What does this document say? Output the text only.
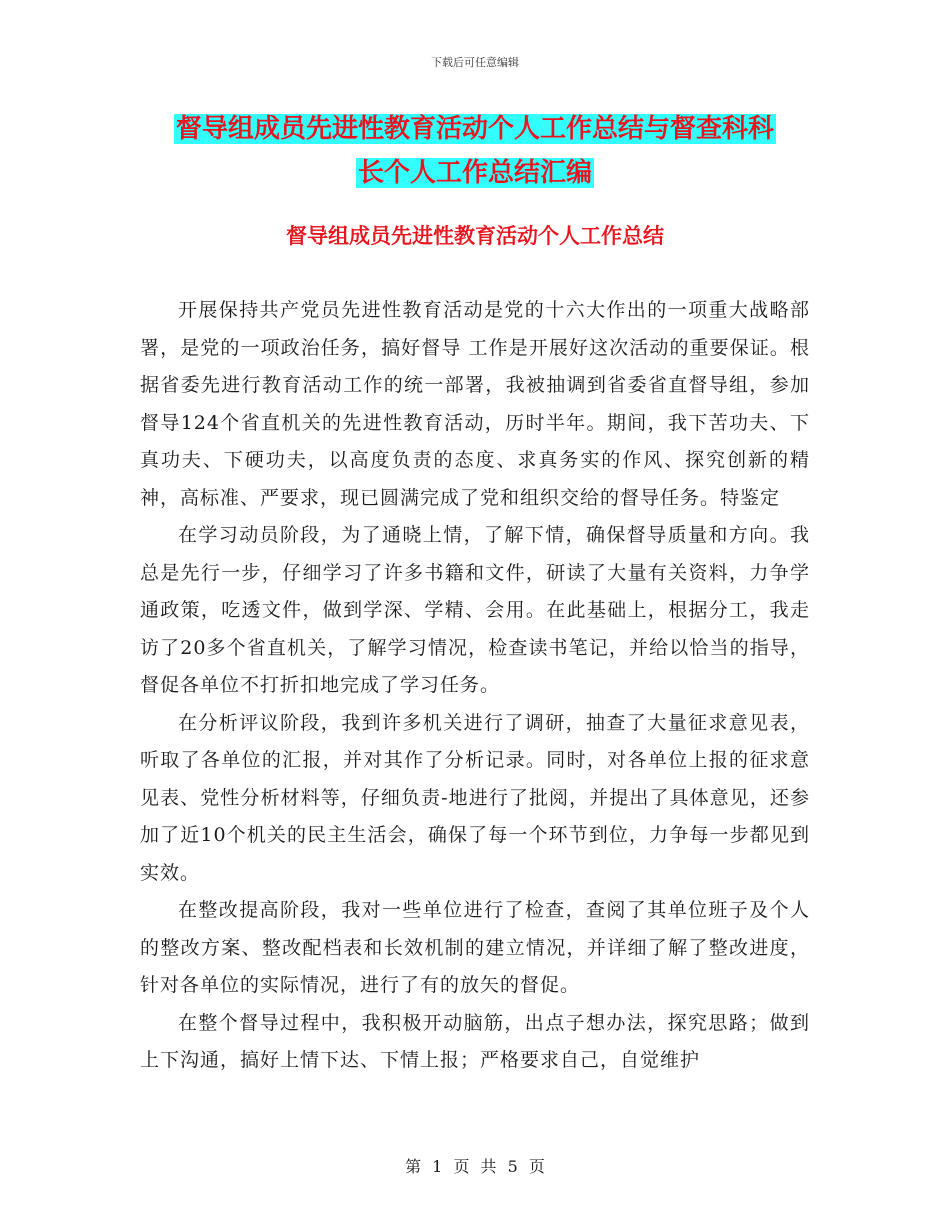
下载后可任意编辑
督导组成员先进性教育活动个人工作总结与督查科科
长个人工作总结汇编
督导组成员先进性教育活动个人工作总结

开展保持共产党员先进性教育活动是党的十六大作出的一项重大战略部署，是党的一项政治任务，搞好督导 工作是开展好这次活动的重要保证。根据省委先进行教育活动工作的统一部署，我被抽调到省委省直督导组，参加督导124个省直机关的先进性教育活动，历时半年。期间，我下苦功夫、下真功夫、下硬功夫，以高度负责的态度、求真务实的作风、探究创新的精神，高标准、严要求，现已圆满完成了党和组织交给的督导任务。特鉴定

在学习动员阶段，为了通晓上情，了解下情，确保督导质量和方向。我总是先行一步，仔细学习了许多书籍和文件，研读了大量有关资料，力争学通政策，吃透文件，做到学深、学精、会用。在此基础上，根据分工，我走访了20多个省直机关，了解学习情况，检查读书笔记，并给以恰当的指导，督促各单位不打折扣地完成了学习任务。

在分析评议阶段，我到许多机关进行了调研，抽查了大量征求意见表，听取了各单位的汇报，并对其作了分析记录。同时，对各单位上报的征求意见表、党性分析材料等，仔细负责-地进行了批阅，并提出了具体意见，还参加了近10个机关的民主生活会，确保了每一个环节到位，力争每一步都见到实效。

在整改提高阶段，我对一些单位进行了检查，查阅了其单位班子及个人的整改方案、整改配档表和长效机制的建立情况，并详细了解了整改进度，针对各单位的实际情况，进行了有的放矢的督促。

在整个督导过程中，我积极开动脑筋，出点子想办法，探究思路；做到上下沟通，搞好上情下达、下情上报；严格要求自己，自觉维护

第 1 页 共 5 页
